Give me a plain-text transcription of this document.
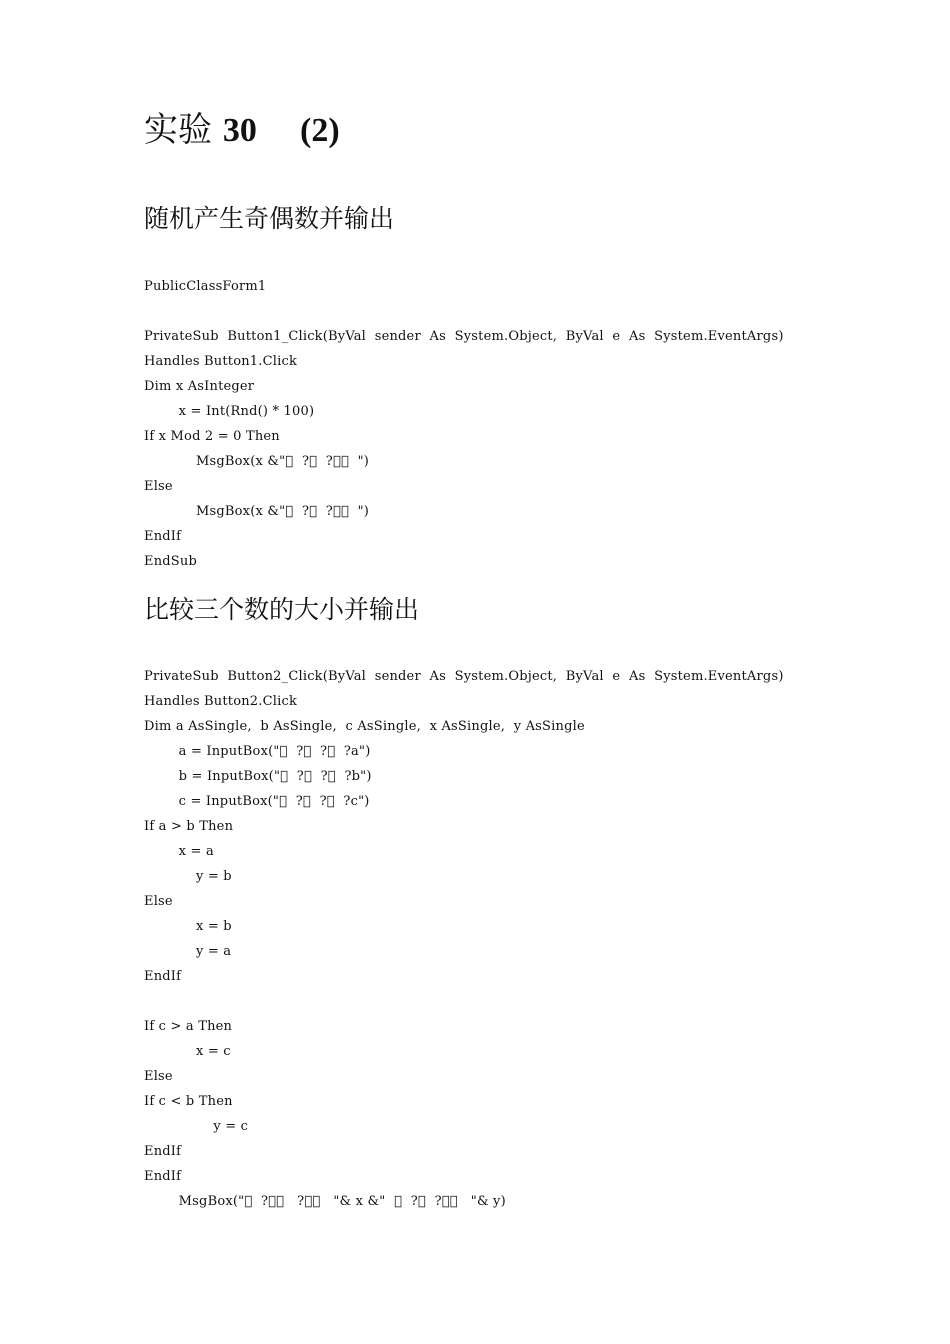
实验 30 (2)
随机产生奇偶数并输出
PublicClassForm1
PrivateSub  Button1_Click(ByVal  sender  As  System.Object,  ByVal  e  As  System.EventArgs)
Handles Button1.Click
Dim x AsInteger
x = Int(Rnd() * 100)
If x Mod 2 = 0 Then
MsgBox(x &"   ?   ?    ")
Else
MsgBox(x &"   ?   ?    ")
EndIf
EndSub
比较三个数的大小并输出
PrivateSub  Button2_Click(ByVal  sender  As  System.Object,  ByVal  e  As  System.EventArgs)
Handles Button2.Click
Dim a AsSingle,  b AsSingle,  c AsSingle,  x AsSingle,  y AsSingle
a = InputBox("   ?   ?   ?a")
b = InputBox("   ?   ?   ?b")
c = InputBox("   ?   ?   ?c")
If a > b Then
x = a
y = b
Else
x = b
y = a
EndIf
If c > a Then
x = c
Else
If c < b Then
y = c
EndIf
EndIf
MsgBox("   ?     ?     "& x &"     ?   ?     "& y)
